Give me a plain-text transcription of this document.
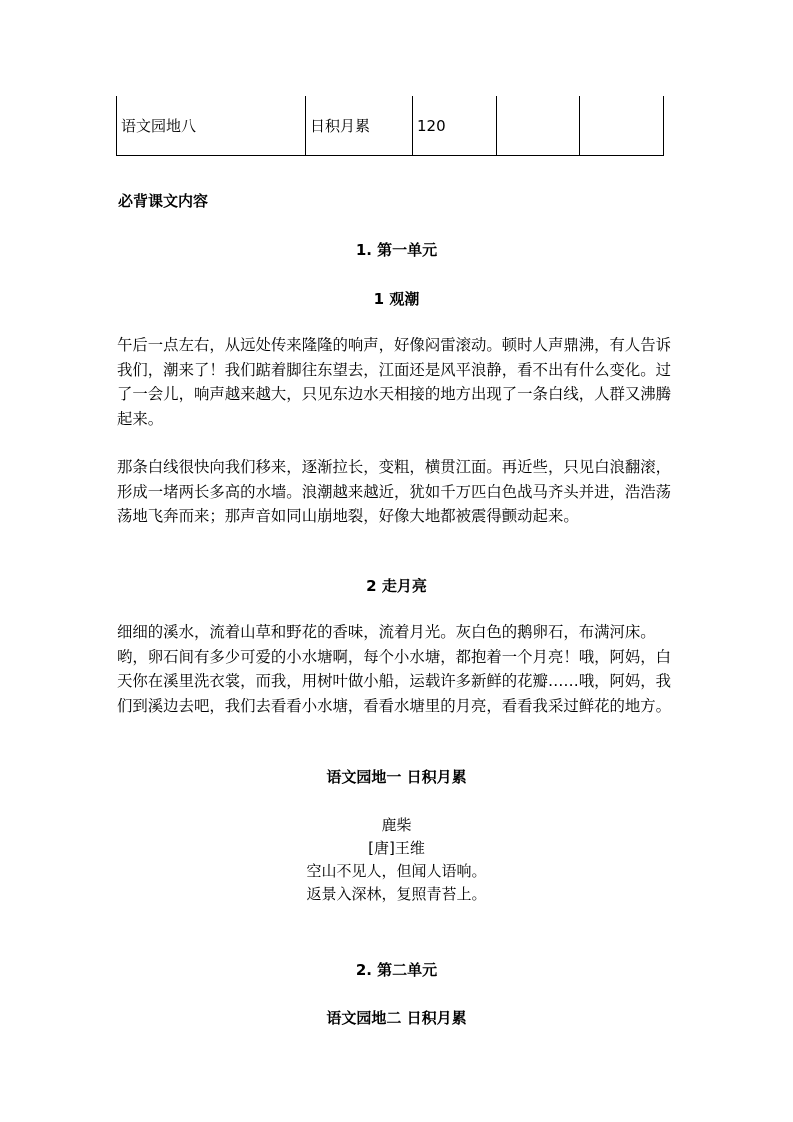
语文园地八	日积月累	120		
必背课文内容
1. 第一单元
1 观潮
午后一点左右，从远处传来隆隆的响声，好像闷雷滚动。顿时人声鼎沸，有人告诉我们，潮来了！我们踮着脚往东望去，江面还是风平浪静，看不出有什么变化。过了一会儿，响声越来越大，只见东边水天相接的地方出现了一条白线，人群又沸腾起来。
那条白线很快向我们移来，逐渐拉长，变粗，横贯江面。再近些，只见白浪翻滚，形成一堵两长多高的水墙。浪潮越来越近，犹如千万匹白色战马齐头并进，浩浩荡荡地飞奔而来；那声音如同山崩地裂，好像大地都被震得颤动起来。
2 走月亮
细细的溪水，流着山草和野花的香味，流着月光。灰白色的鹅卵石，布满河床。哟，卵石间有多少可爱的小水塘啊，每个小水塘，都抱着一个月亮！哦，阿妈，白天你在溪里洗衣裳，而我，用树叶做小船，运载许多新鲜的花瓣……哦，阿妈，我们到溪边去吧，我们去看看小水塘，看看水塘里的月亮，看看我采过鲜花的地方。
语文园地一 日积月累
鹿柴
[唐]王维
空山不见人，但闻人语响。
返景入深林，复照青苔上。
2. 第二单元
语文园地二 日积月累
